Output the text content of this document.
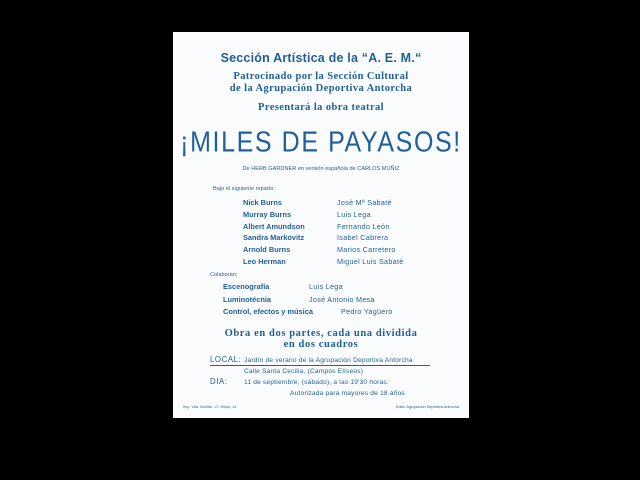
Sección Artística de la “A. E. M.“
Patrocinado por la Sección Cultural
de la Agrupación Deportiva Antorcha
Presentará la obra teatral
¡MILES DE PAYASOS!
De HERB GARDNER en versión española de CARLOS MUÑIZ
Bajo el siguiente reparto:
Nick Burns	José Mª Sabaté
Murray Burns	Luis Lega
Albert Amundson	Fernando León
Sandra Markovitz	Isabel Cabrera
Arnold Burns	Marios Carretero
Leo Herman	Miguel Luis Sabaté
Colaboran:
Escenografía	Luis Lega
Luminotécnia	José Antonio Mesa
Control, efectos y música	Pedro Yagüero
Obra en dos partes, cada una dividida
en dos cuadros
LOCAL: Jardín de verano de la Agrupación Deportiva Antorcha
Calle Santa Cecilia, (Campos Elíseos)
DIA: 11 de septiembre, (sábado), a las 19'30 horas.
Autorizada para mayores de 18 años
Imp. Vda. Bonilla - C/ Jesús, 14	Edita: Agrupación Deportiva Antorcha
